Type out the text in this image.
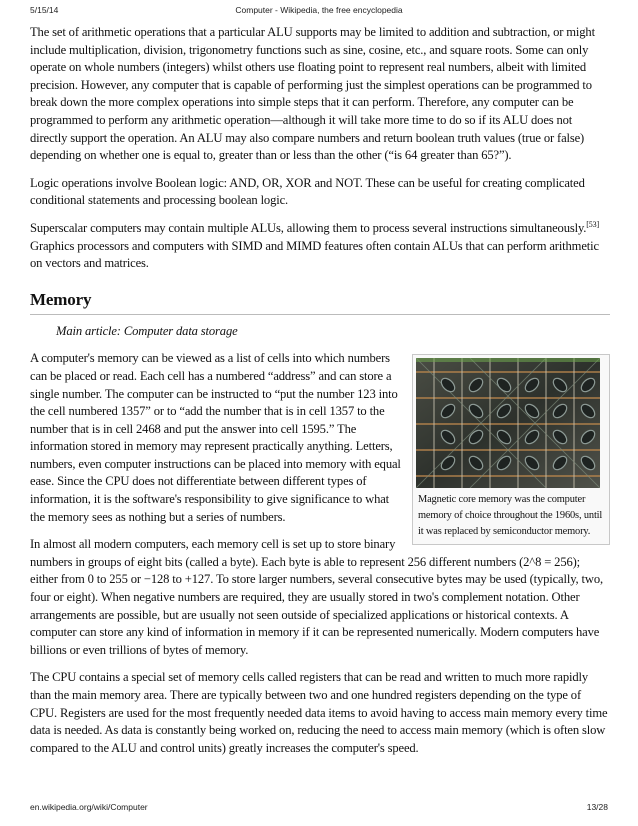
5/15/14	Computer - Wikipedia, the free encyclopedia

The set of arithmetic operations that a particular ALU supports may be limited to addition and subtraction, or might include multiplication, division, trigonometry functions such as sine, cosine, etc., and square roots. Some can only operate on whole numbers (integers) whilst others use floating point to represent real numbers, albeit with limited precision. However, any computer that is capable of performing just the simplest operations can be programmed to break down the more complex operations into simple steps that it can perform. Therefore, any computer can be programmed to perform any arithmetic operation—although it will take more time to do so if its ALU does not directly support the operation. An ALU may also compare numbers and return boolean truth values (true or false) depending on whether one is equal to, greater than or less than the other (“is 64 greater than 65?”).

Logic operations involve Boolean logic: AND, OR, XOR and NOT. These can be useful for creating complicated conditional statements and processing boolean logic.

Superscalar computers may contain multiple ALUs, allowing them to process several instructions simultaneously.[53] Graphics processors and computers with SIMD and MIMD features often contain ALUs that can perform arithmetic on vectors and matrices.

Memory
Main article: Computer data storage
Magnetic core memory was the computer memory of choice throughout the 1960s, until it was replaced by semiconductor memory.

A computer's memory can be viewed as a list of cells into which numbers can be placed or read. Each cell has a numbered “address” and can store a single number. The computer can be instructed to “put the number 123 into the cell numbered 1357” or to “add the number that is in cell 1357 to the number that is in cell 2468 and put the answer into cell 1595.” The information stored in memory may represent practically anything. Letters, numbers, even computer instructions can be placed into memory with equal ease. Since the CPU does not differentiate between different types of information, it is the software's responsibility to give significance to what the memory sees as nothing but a series of numbers.

In almost all modern computers, each memory cell is set up to store binary numbers in groups of eight bits (called a byte). Each byte is able to represent 256 different numbers (2^8 = 256); either from 0 to 255 or −128 to +127. To store larger numbers, several consecutive bytes may be used (typically, two, four or eight). When negative numbers are required, they are usually stored in two's complement notation. Other arrangements are possible, but are usually not seen outside of specialized applications or historical contexts. A computer can store any kind of information in memory if it can be represented numerically. Modern computers have billions or even trillions of bytes of memory.

The CPU contains a special set of memory cells called registers that can be read and written to much more rapidly than the main memory area. There are typically between two and one hundred registers depending on the type of CPU. Registers are used for the most frequently needed data items to avoid having to access main memory every time data is needed. As data is constantly being worked on, reducing the need to access main memory (which is often slow compared to the ALU and control units) greatly increases the computer's speed.

en.wikipedia.org/wiki/Computer	13/28
